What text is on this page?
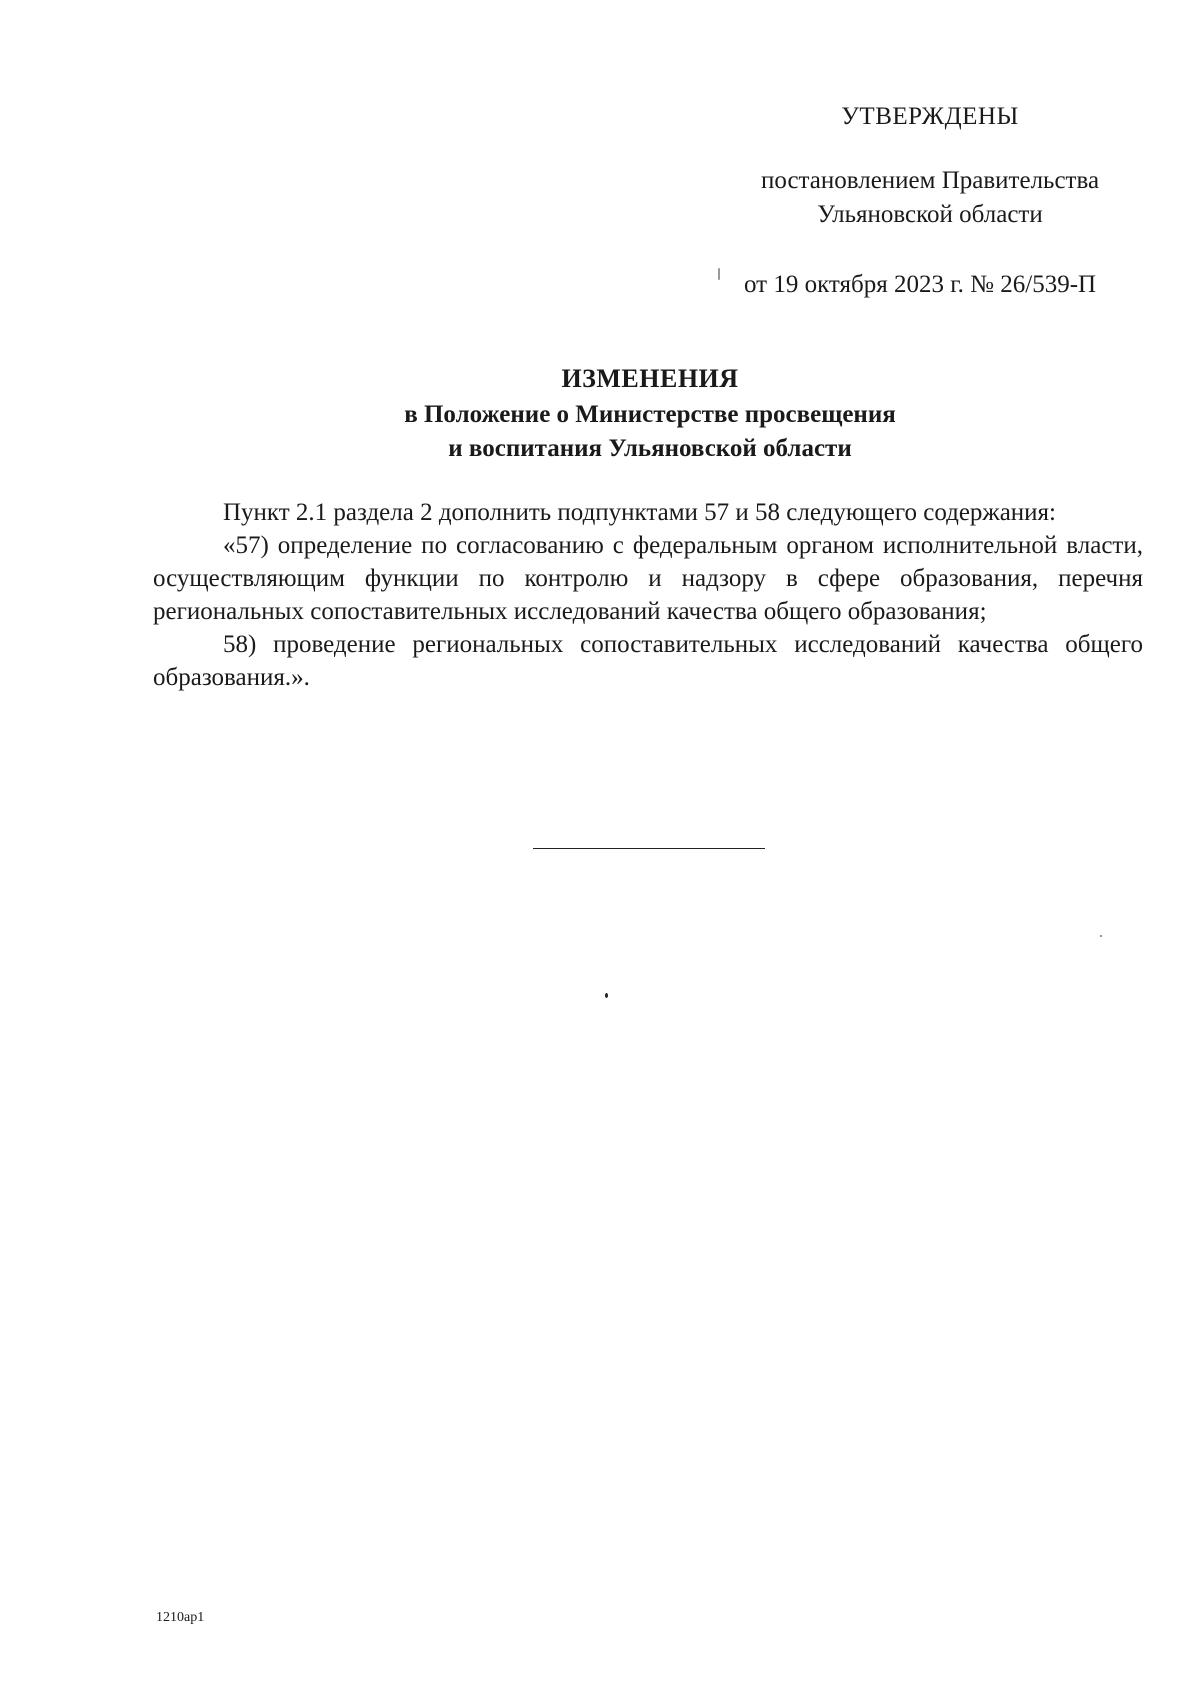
УТВЕРЖДЕНЫ
постановлением Правительства
Ульяновской области
от 19 октября 2023 г. № 26/539-П
ИЗМЕНЕНИЯ
в Положение о Министерстве просвещения
и воспитания Ульяновской области

Пункт 2.1 раздела 2 дополнить подпунктами 57 и 58 следующего содержания:

«57) определение по согласованию с федеральным органом исполнительной власти, осуществляющим функции по контролю и надзору в сфере образования, перечня региональных сопоставительных исследований качества общего образования;

58) проведение региональных сопоставительных исследований качества общего образования.».

1210ap1
